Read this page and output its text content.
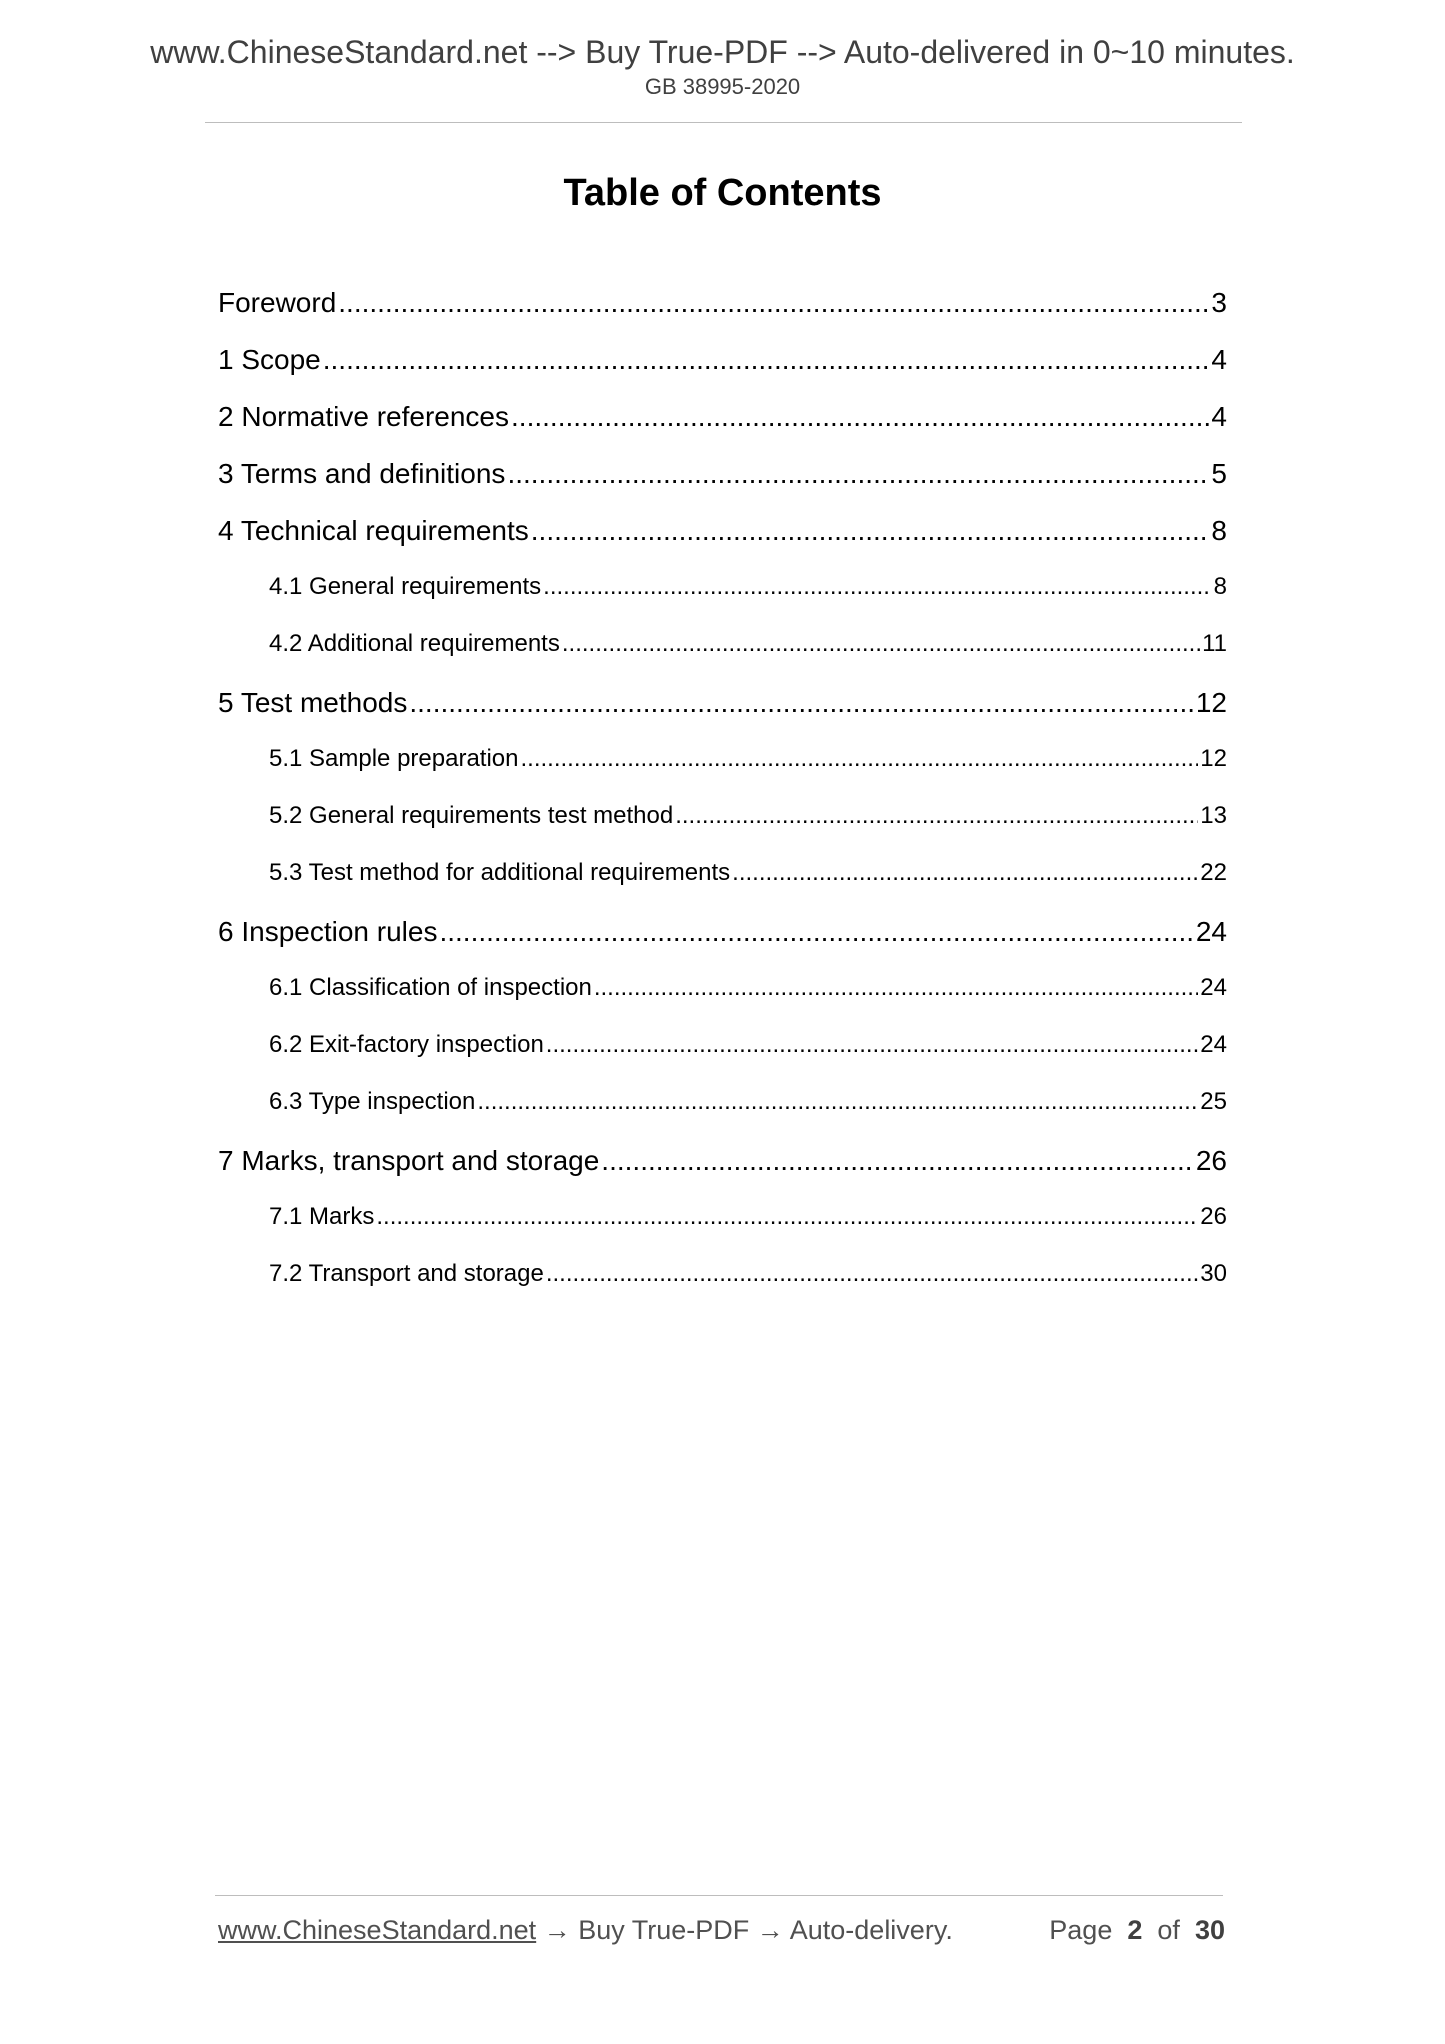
www.ChineseStandard.net --> Buy True-PDF --> Auto-delivered in 0~10 minutes.
GB 38995-2020
Table of Contents
Foreword .....	3
1 Scope .....	4
2 Normative references .....	4
3 Terms and definitions .....	5
4 Technical requirements .....	8
4.1 General requirements .....	8
4.2 Additional requirements .....	11
5 Test methods .....	12
5.1 Sample preparation .....	12
5.2 General requirements test method .....	13
5.3 Test method for additional requirements .....	22
6 Inspection rules .....	24
6.1 Classification of inspection .....	24
6.2 Exit-factory inspection .....	24
6.3 Type inspection .....	25
7 Marks, transport and storage .....	26
7.1 Marks .....	26
7.2 Transport and storage .....	30
www.ChineseStandard.net → Buy True-PDF → Auto-delivery.	Page 2 of 30
